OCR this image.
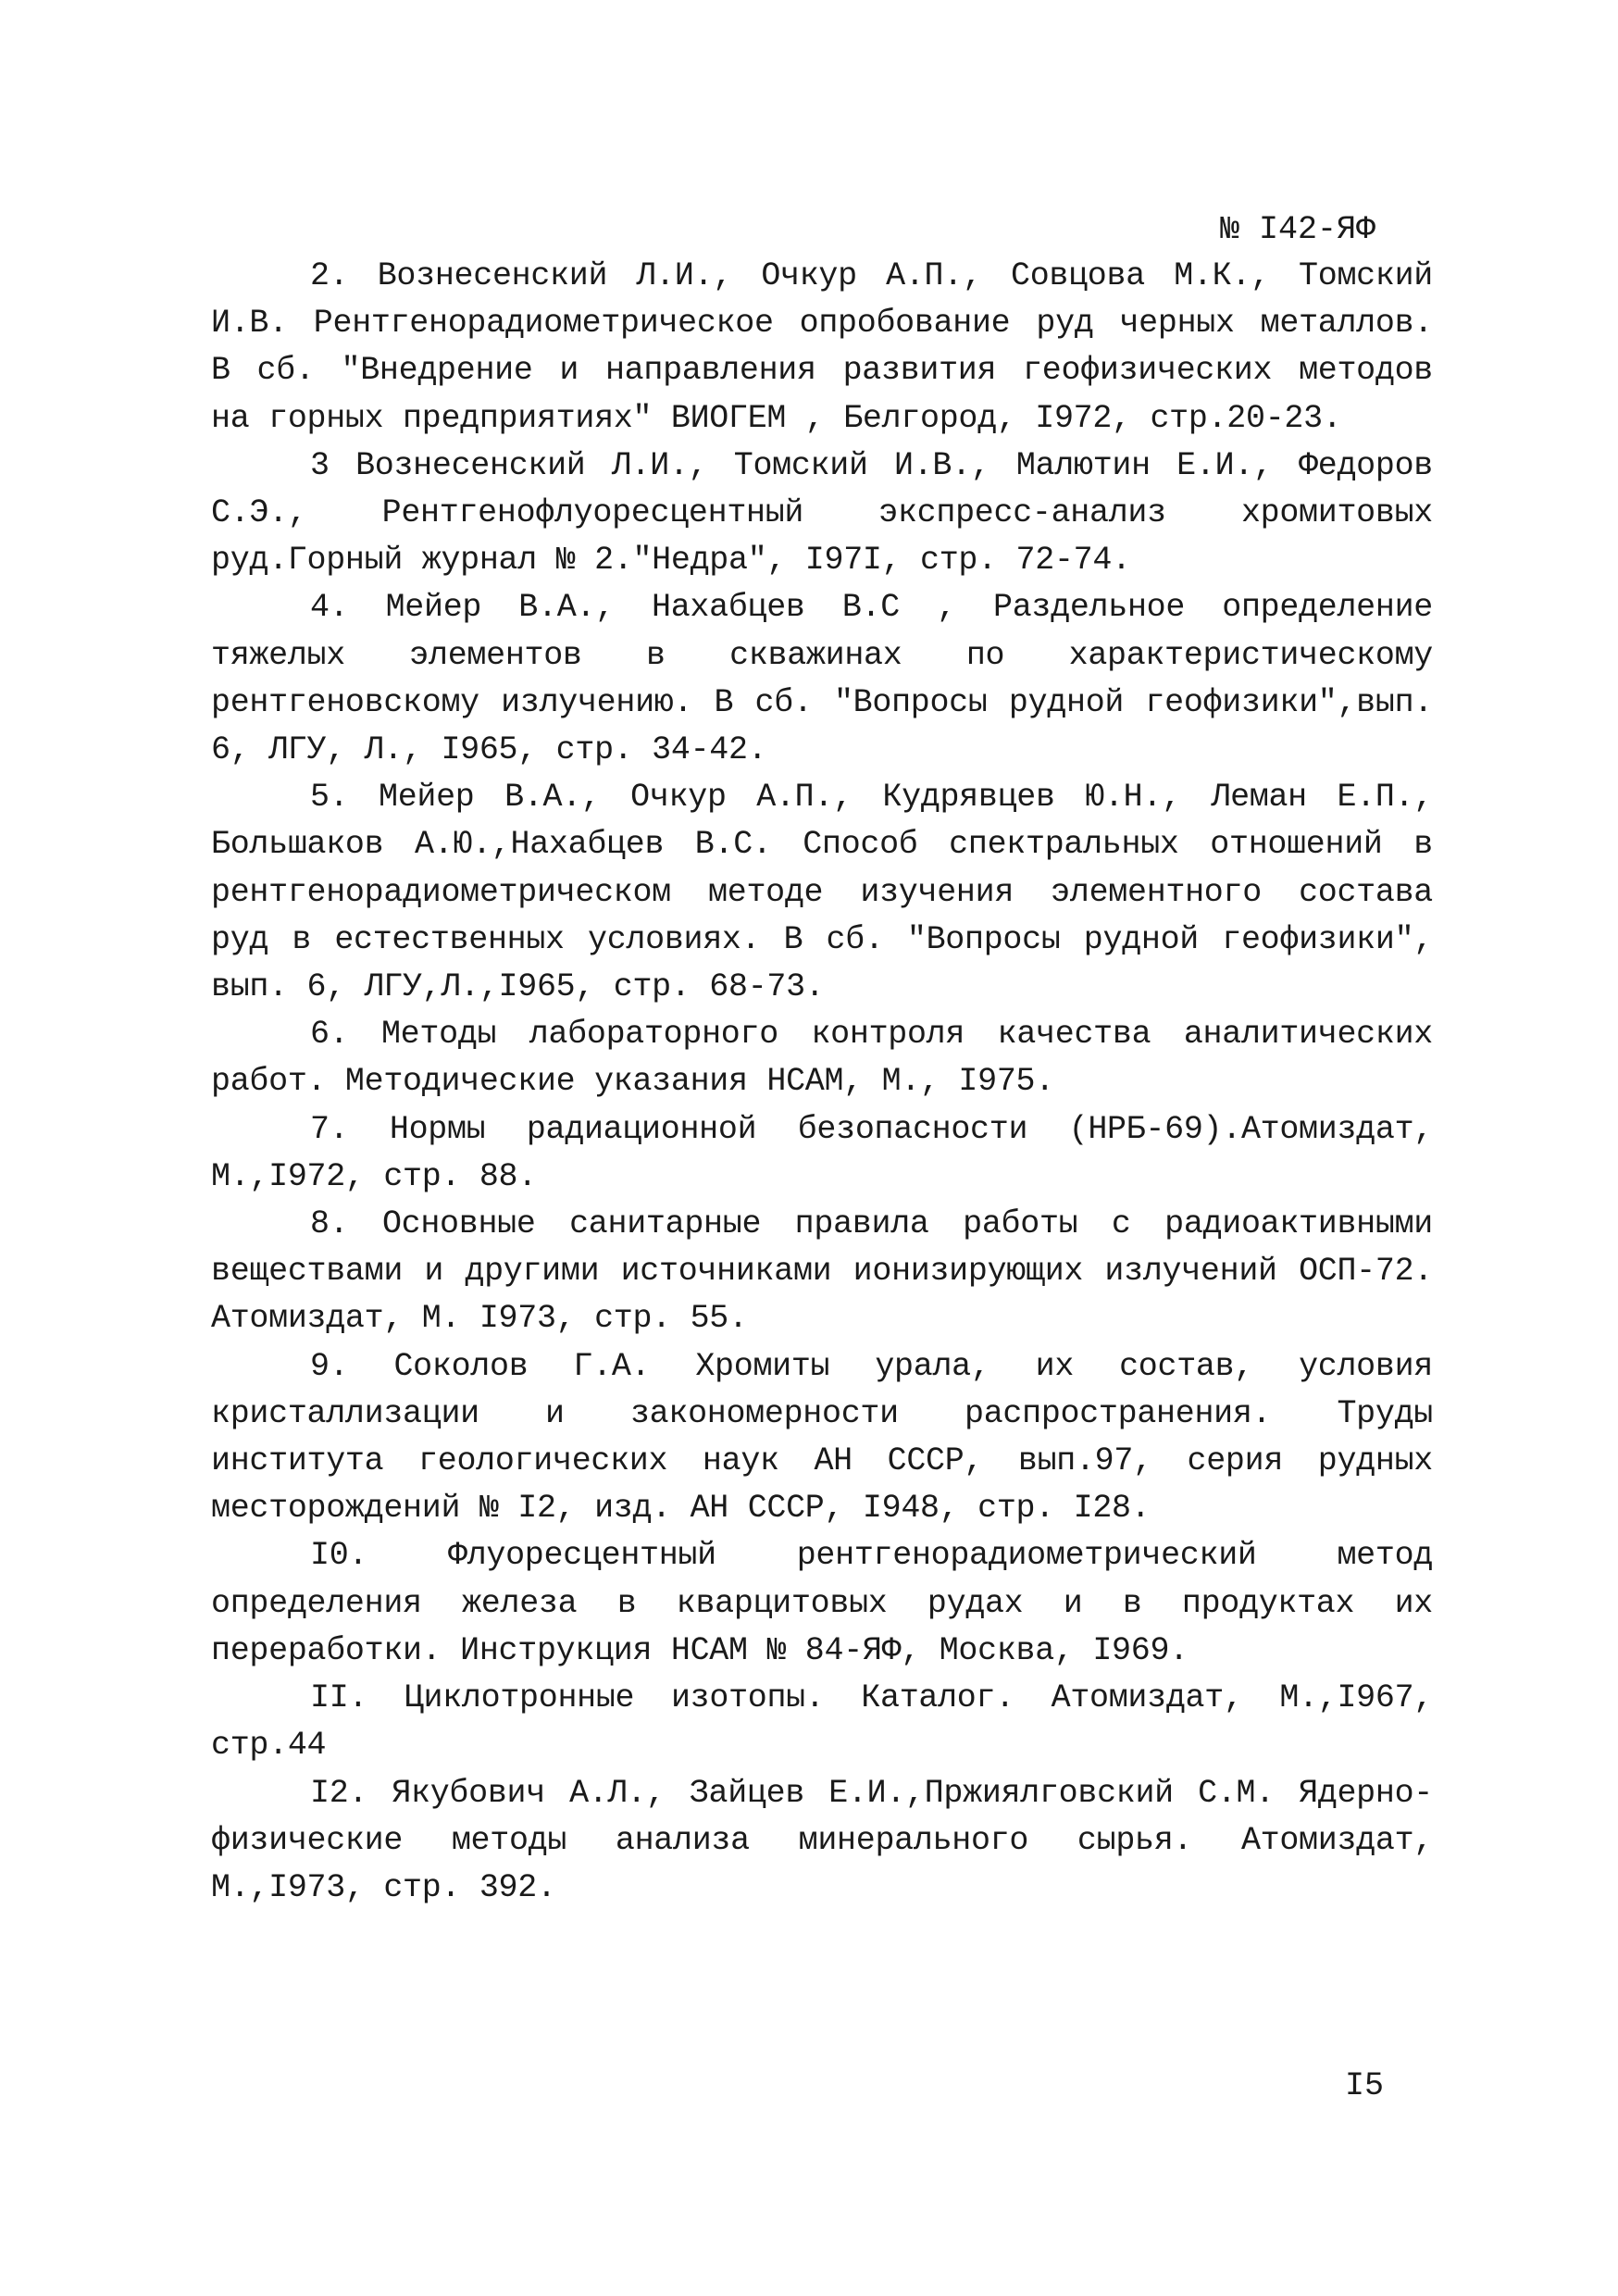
№ I42-ЯФ

2. Вознесенский Л.И., Очкур А.П., Совцова М.К., Томский И.В. Рентгенорадиометрическое опробование руд черных металлов. В сб. "Внедрение и направления развития геофизических методов на горных предприятиях" ВИОГЕМ , Белгород, I972, стр.20-23.

3 Вознесенский Л.И., Томский И.В., Малютин Е.И., Федоров С.Э., Рентгенофлуоресцентный экспресс-анализ хромитовых руд.Горный журнал № 2."Недра", I97I, стр. 72-74.

4. Мейер В.А., Нахабцев В.С , Раздельное определение тяжелых элементов в скважинах по характеристическому рентгеновскому излучению. В сб. "Вопросы рудной геофизики",вып. 6, ЛГУ, Л., I965, стр. 34-42.

5. Мейер В.А., Очкур А.П., Кудрявцев Ю.Н., Леман Е.П., Большаков А.Ю.,Нахабцев В.С. Способ спектральных отношений в рентгенорадиометрическом методе изучения элементного состава руд в естественных условиях. В сб. "Вопросы рудной геофизики", вып. 6, ЛГУ,Л.,I965, стр. 68-73.

6. Методы лабораторного контроля качества аналитических работ. Методические указания НСАМ, М., I975.

7. Нормы радиационной безопасности (НРБ-69).Атомиздат, М.,I972, стр. 88.

8. Основные санитарные правила работы с радиоактивными веществами и другими источниками ионизирующих излучений ОСП-72. Атомиздат, М. I973, стр. 55.

9. Соколов Г.А. Хромиты урала, их состав, условия кристаллизации и закономерности распространения. Труды института геологических наук АН СССР, вып.97, серия рудных месторождений № I2, изд. АН СССР, I948, стр. I28.

I0. Флуоресцентный рентгенорадиометрический метод определения железа в кварцитовых рудах и в продуктах их переработки. Инструкция НСАМ № 84-ЯФ, Москва, I969.

II. Циклотронные изотопы. Каталог. Атомиздат, М.,I967, стр.44

I2. Якубович А.Л., Зайцев Е.И.,Пржиялговский С.М. Ядерно-физические методы анализа минерального сырья. Атомиздат, М.,I973, стр. 392.

I5
